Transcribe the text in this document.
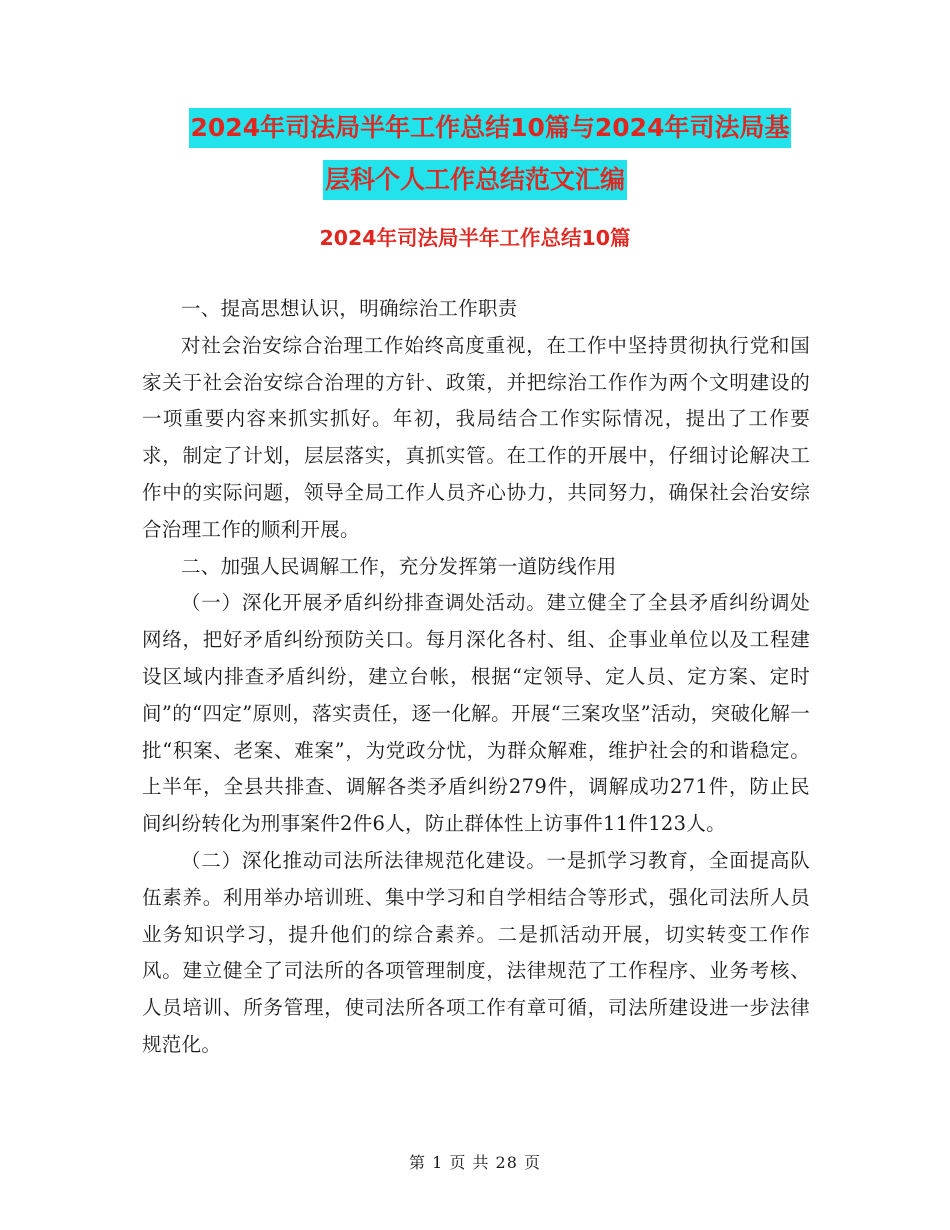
2024年司法局半年工作总结10篇与2024年司法局基
层科个人工作总结范文汇编
2024年司法局半年工作总结10篇

一、提高思想认识，明确综治工作职责

对社会治安综合治理工作始终高度重视，在工作中坚持贯彻执行党和国家关于社会治安综合治理的方针、政策，并把综治工作作为两个文明建设的一项重要内容来抓实抓好。年初，我局结合工作实际情况，提出了工作要求，制定了计划，层层落实，真抓实管。在工作的开展中，仔细讨论解决工作中的实际问题，领导全局工作人员齐心协力，共同努力，确保社会治安综合治理工作的顺利开展。

二、加强人民调解工作，充分发挥第一道防线作用

（一）深化开展矛盾纠纷排查调处活动。建立健全了全县矛盾纠纷调处网络，把好矛盾纠纷预防关口。每月深化各村、组、企事业单位以及工程建设区域内排查矛盾纠纷，建立台帐，根据“定领导、定人员、定方案、定时间”的“四定”原则，落实责任，逐一化解。开展“三案攻坚”活动，突破化解一批“积案、老案、难案”，为党政分忧，为群众解难，维护社会的和谐稳定。上半年，全县共排查、调解各类矛盾纠纷279件，调解成功271件，防止民间纠纷转化为刑事案件2件6人，防止群体性上访事件11件123人。

（二）深化推动司法所法律规范化建设。一是抓学习教育，全面提高队伍素养。利用举办培训班、集中学习和自学相结合等形式，强化司法所人员业务知识学习，提升他们的综合素养。二是抓活动开展，切实转变工作作风。建立健全了司法所的各项管理制度，法律规范了工作程序、业务考核、人员培训、所务管理，使司法所各项工作有章可循，司法所建设进一步法律规范化。

第 1 页 共 28 页
